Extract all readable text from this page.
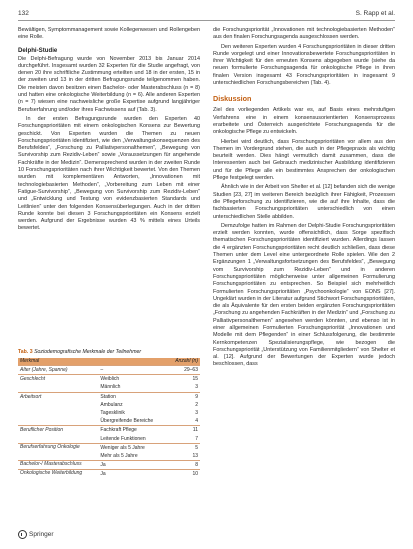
132	S. Rapp et al.

Bewältigen, Symptommanagement sowie Kollegenwesen und Rollengeben eine Rolle.

Delphi-Studie

Die Delphi-Befragung wurde von November 2013 bis Januar 2014 durchgeführt. Insgesamt wurden 32 Experten für die Studie angefragt, von denen 20 ihre schriftliche Zustimmung erteilten und 18 in der ersten, 15 in der zweiten und 13 in der dritten Befragungsrunde teilgenommen haben. Die meisten davon besitzen einen Bachelor- oder Masterabschluss (n = 8) und hatten eine onkologische Weiterbildung (n = 6). Alle anderen Experten (n = 7) wiesen eine nachweisliche große Expertise aufgrund langjähriger Berufserfahrung und/oder ihres Fachwissens auf (Tab. 3).

In der ersten Befragungsrunde wurden den Experten 40 Forschungsprioritäten mit einem onkologischen Konsens zur Bewertung geschickt. Von Experten wurden die Themen zu neuen Forschungsprioritäten identifiziert, wie den „Verwaltungskonsequenzen des Berufsfeldes“, „Forschung zu Palliativpersonalthemen“, „Bewegung von Survivorship zum Rezidiv-Leben“ sowie „Voraussetzungen für angehende Fachkräfte in der Medizin“. Demensprechend wurden in der zweiten Runde 10 Forschungsprioritäten nach ihrer Wichtigkeit bewertet. Von den Themen wurden mit komplementären Antworten, „Innovationen mit technologiebasierten Methoden“, „Vorbereitung zum Leben mit einer Fatigue-Survivorship“, „Bewegung von Survivorship zum Rezidiv-Leben“ und „Entwicklung und Testung von evidenzbasierten Standards und Leitlinien“ unter den folgenden Konsensüberlegungen. Auch in der dritten Runde konnte bei diesen 3 Forschungsprioritäten ein Konsens erzielt werden. Aufgrund der Ergebnisse wurden 43 % mittels eines Urteils bewertet.

Tab. 3 Soziodemografische Merkmale der Teilnehmer
Merkmal		Anzahl (n)
Alter (Jahre, Spanne)	–	29–63
Geschlecht	Weiblich	15
	Männlich	3
Arbeitsort	Station	9
	Ambulanz	2
	Tagesklinik	3
	Übergreifende Bereiche	4
Beruflicher Position	Fachkraft Pflege	11
	Leitende Funktionen	7
Berufserfahrung Onkologie	Weniger als 5 Jahre	5
	Mehr als 5 Jahre	13
Bachelor-/ Masterabschluss	Ja	8
Onkologische Weiterbildung	Ja	10

die Forschungspriorität „Innovationen mit technologiebasierten Methoden“ aus den finalen Forschungsagenda ausgeschlossen werden.

Den weiteren Experten wurden 4 Forschungsprioritäten in dieser dritten Runde vorgelegt und einer Innovationsbewertete Forschungsprioritäten in ihrer Wichtigkeit für den erneuten Konsens abgegeben wurde (siehe da neuen formulierte Forschungsagenda für onkologische Pflege in ihren finalen Version insgesamt 43 Forschungsprioritäten in insgesamt 9 unterschiedlichen Forschungsbereichen (Tab. 4).

Diskussion

Ziel des vorliegenden Artikels war es, auf Basis eines mehrstufigen Verfahrens eine in einem konsensusorientierten Konsensprozess erarbeitete und Österreich ausgerichtete Forschungsagenda für die onkologische Pflege zu entwickeln.

Hierbei wird deutlich, dass Forschungsprioritäten vor allem aus den Themen im Vordergrund stehen, die auch in der Pflegepraxis als wichtig beurteilt werden. Dies hängt vermutlich damit zusammen, dass die Interessenten auch bei Gebrauch medizinischer Ausbildung identifizieren und für die Pflege alle ein bestimmtes Ansprechen der onkologischen Pflege festgelegt werden.

Ähnlich wie in der Arbeit von Shelter et al. [12] befanden sich die wenige Studien [23, 27] im weiteren Bereich bezüglich ihrer Fähigkeit, Prozessen die Pflegeforschung zu identifizieren, wie die auf ihre Inhalte, dass die fachbasierten Forschungsprioritäten unterschiedlich von einen unterschiedlichen Stelle abbilden.

Demzufolge hatten im Rahmen der Delphi-Studie Forschungsprioritäten erzielt werden konnten, wurde offensichtlich, dass Sorge spezifisch thematischen Forschungsprioritäten identifiziert wurden. Allerdings lassen die 4 ergänzten Forschungsprioritäten recht deutlich schließen, dass diese Themen unter dem Level eine untergeordnete Rolle spielen. Wie den 2 Ergänzungen 1 „Verwaltungsfortsetzungen des Berufsfeldes“, „Bewegung vom Survivorship zum Rezidiv-Leben“ und in anderen Forschungsprioritäten möglicherweise unter allgemeinen Formulierung Forschungsprioritäten zu entsprechen. So Beispiel sich mehrheitlich Formulierten Forschungsprioritäten „Psychoonkologie“ von EONS [27]. Ungeklärt wurden in der Literatur aufgrund Stichwort Forschungsprioritäten, die als Äquivalente für den ersten beiden ergänzten Forschungsprioritäten „Forschung zu angehenden Fachkräften in der Medizin“ und „Forschung zu Palliativpersonalthemen“ angesehen werden könnten, und ebenso ist in einer allgemeinen Formulierten Forschungspriorität „Innovationen und Modelle mit dem Pflegenden“ in einer Schlussfolgerung, die bestimmte Kernkompetenzen Spezialisierungspflege, wie bezogen die Forschungspriorität „Unterstützung von Familienmitgliedern“ von Shelter et al. [12]. Aufgrund der Bewertungen der Experten wurde jedoch beschlossen, dass

Springer
